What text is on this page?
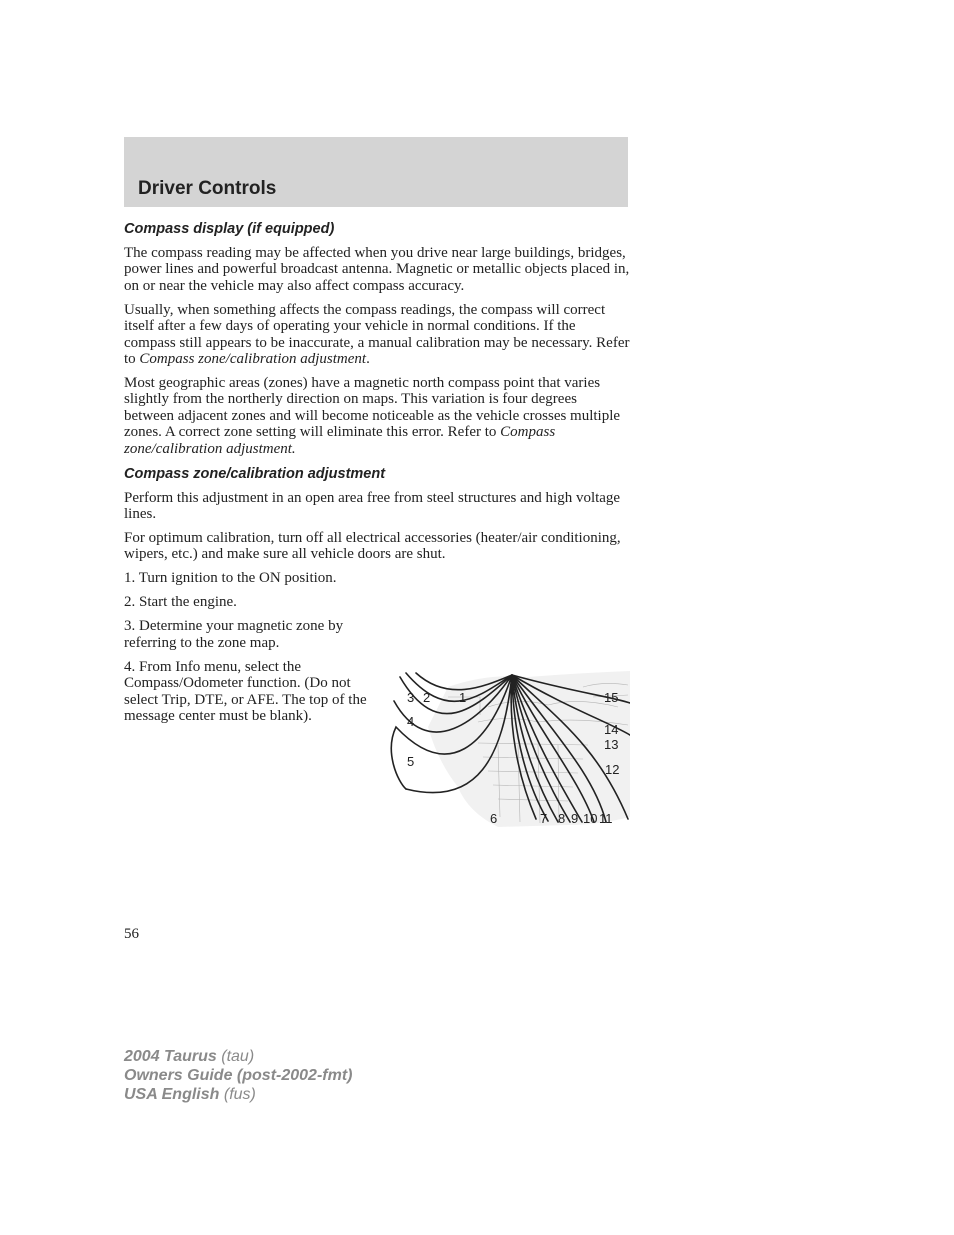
Driver Controls
Compass display (if equipped)

The compass reading may be affected when you drive near large buildings, bridges, power lines and powerful broadcast antenna. Magnetic or metallic objects placed in, on or near the vehicle may also affect compass accuracy.

Usually, when something affects the compass readings, the compass will correct itself after a few days of operating your vehicle in normal conditions. If the compass still appears to be inaccurate, a manual calibration may be necessary. Refer to Compass zone/calibration adjustment.

Most geographic areas (zones) have a magnetic north compass point that varies slightly from the northerly direction on maps. This variation is four degrees between adjacent zones and will become noticeable as the vehicle crosses multiple zones. A correct zone setting will eliminate this error. Refer to Compass zone/calibration adjustment.

Compass zone/calibration adjustment

Perform this adjustment in an open area free from steel structures and high voltage lines.

For optimum calibration, turn off all electrical accessories (heater/air conditioning, wipers, etc.) and make sure all vehicle doors are shut.

1. Turn ignition to the ON position.

2. Start the engine.

3. Determine your magnetic zone by referring to the zone map.

4. From Info menu, select the Compass/Odometer function. (Do not select Trip, DTE, or AFE. The top of the message center must be blank).

3 2 1
4
5
6	7 8 9 10 11
12
13
14
15
56
2004 Taurus (tau)
Owners Guide (post-2002-fmt)
USA English (fus)
